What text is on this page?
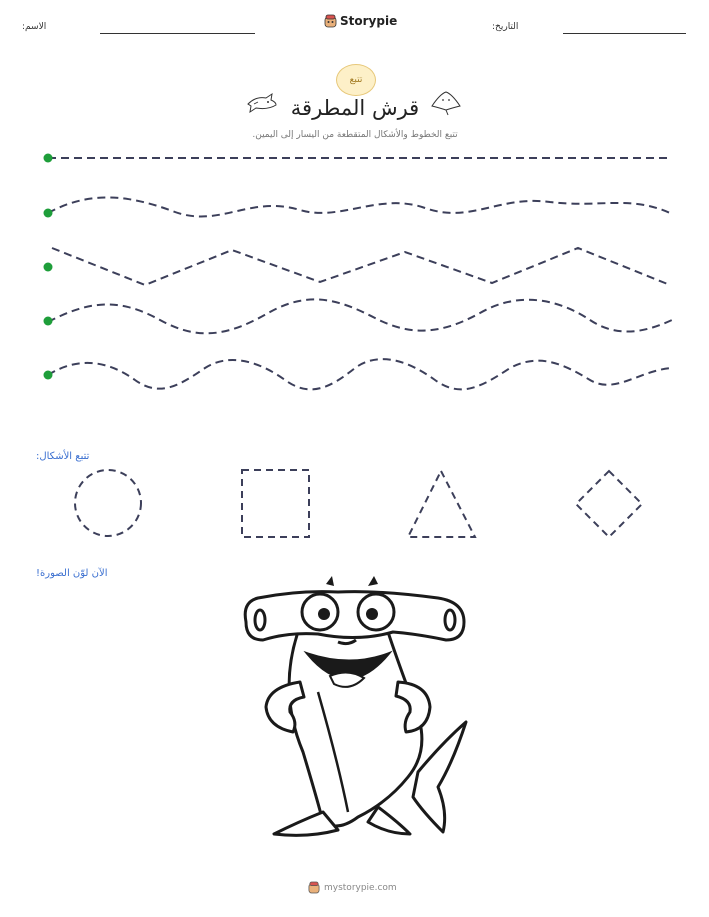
الاسم:	Storypie	التاريخ:
تتبع
قرش المطرقة
تتبع الخطوط والأشكال المتقطعة من اليسار إلى اليمين.
تتبع الأشكال:
الآن لوّن الصورة!
mystorypie.com
